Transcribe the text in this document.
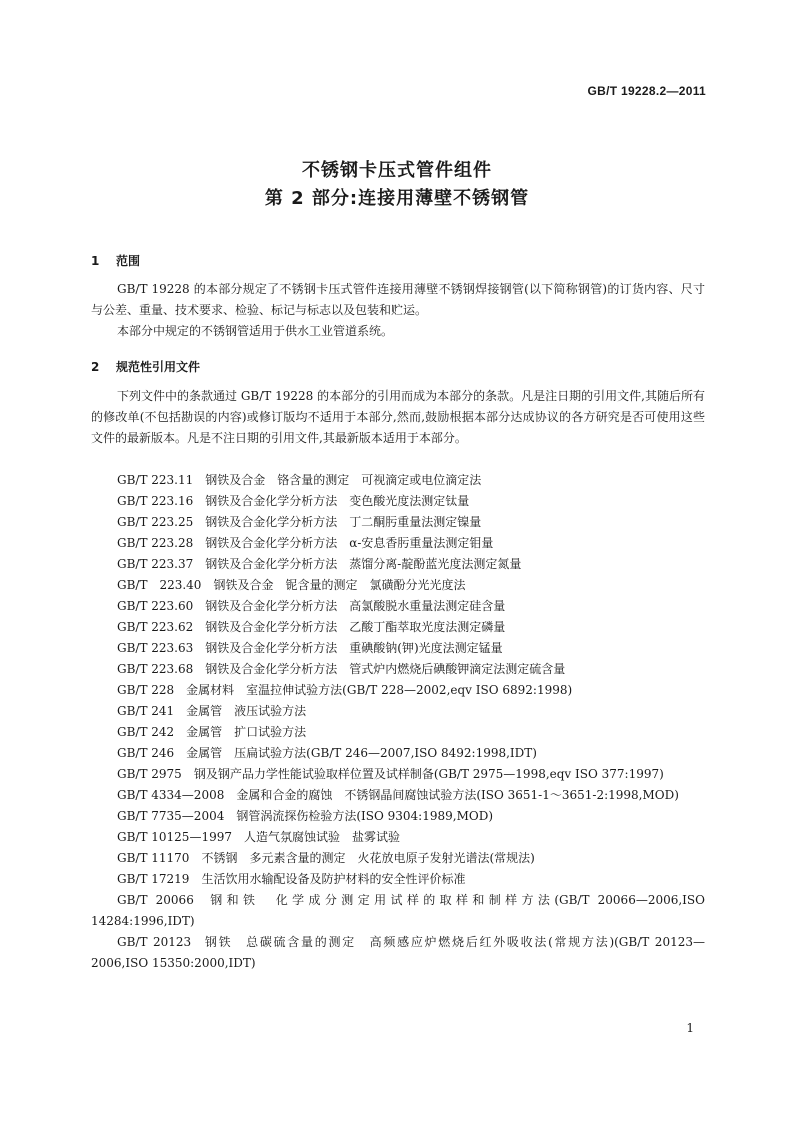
GB/T 19228.2—2011
不锈钢卡压式管件组件
第 2 部分:连接用薄壁不锈钢管
1 范围

GB/T 19228 的本部分规定了不锈钢卡压式管件连接用薄壁不锈钢焊接钢管(以下简称钢管)的订货内容、尺寸与公差、重量、技术要求、检验、标记与标志以及包装和贮运。

本部分中规定的不锈钢管适用于供水工业管道系统。

2 规范性引用文件

下列文件中的条款通过 GB/T 19228 的本部分的引用而成为本部分的条款。凡是注日期的引用文件,其随后所有的修改单(不包括勘误的内容)或修订版均不适用于本部分,然而,鼓励根据本部分达成协议的各方研究是否可使用这些文件的最新版本。凡是不注日期的引用文件,其最新版本适用于本部分。

GB/T 223.11 钢铁及合金　铬含量的测定　可视滴定或电位滴定法
GB/T 223.16 钢铁及合金化学分析方法　变色酸光度法测定钛量
GB/T 223.25 钢铁及合金化学分析方法　丁二酮肟重量法测定镍量
GB/T 223.28 钢铁及合金化学分析方法　α-安息香肟重量法测定钼量
GB/T 223.37 钢铁及合金化学分析方法　蒸馏分离-靛酚蓝光度法测定氮量
GB/T　223.40 钢铁及合金　铌含量的测定　氯磺酚分光光度法
GB/T 223.60 钢铁及合金化学分析方法　高氯酸脱水重量法测定硅含量
GB/T 223.62 钢铁及合金化学分析方法　乙酸丁酯萃取光度法测定磷量
GB/T 223.63 钢铁及合金化学分析方法　重碘酸钠(钾)光度法测定锰量
GB/T 223.68 钢铁及合金化学分析方法　管式炉内燃烧后碘酸钾滴定法测定硫含量
GB/T 228 金属材料　室温拉伸试验方法(GB/T 228—2002,eqv ISO 6892:1998)
GB/T 241 金属管　液压试验方法
GB/T 242 金属管　扩口试验方法
GB/T 246 金属管　压扁试验方法(GB/T 246—2007,ISO 8492:1998,IDT)
GB/T 2975 钢及钢产品力学性能试验取样位置及试样制备(GB/T 2975—1998,eqv ISO 377:1997)
GB/T 4334—2008 金属和合金的腐蚀　不锈钢晶间腐蚀试验方法(ISO 3651-1～3651-2:1998,MOD)
GB/T 7735—2004 钢管涡流探伤检验方法(ISO 9304:1989,MOD)
GB/T 10125—1997 人造气氛腐蚀试验　盐雾试验
GB/T 11170 不锈钢　多元素含量的测定　火花放电原子发射光谱法(常规法)
GB/T 17219 生活饮用水输配设备及防护材料的安全性评价标准
GB/T 20066 钢和铁　化学成分测定用试样的取样和制样方法(GB/T 20066—2006,ISO 14284:1996,IDT)
GB/T 20123 钢铁　总碳硫含量的测定　高频感应炉燃烧后红外吸收法(常规方法)(GB/T 20123—2006,ISO 15350:2000,IDT)
1
